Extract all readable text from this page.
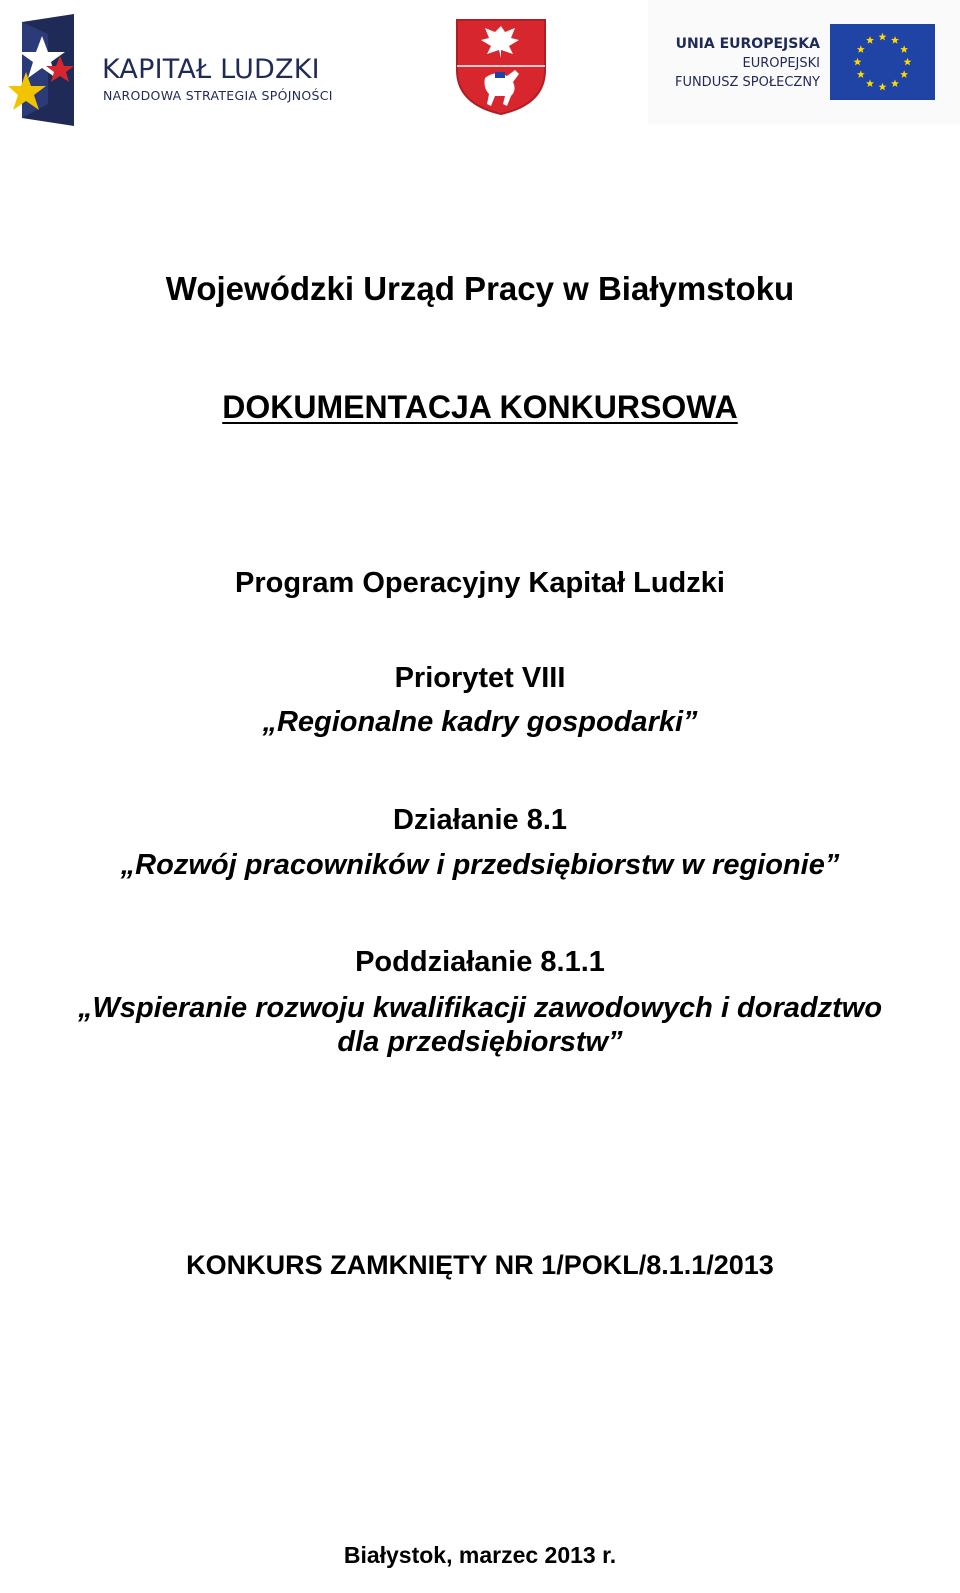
KAPITAŁ LUDZKI
NARODOWA STRATEGIA SPÓJNOŚCI
UNIA EUROPEJSKA
EUROPEJSKI
FUNDUSZ SPOŁECZNY
Wojewódzki Urząd Pracy w Białymstoku
DOKUMENTACJA KONKURSOWA
Program Operacyjny Kapitał Ludzki
Priorytet VIII
„Regionalne kadry gospodarki”
Działanie 8.1
„Rozwój pracowników i przedsiębiorstw w regionie”
Poddziałanie 8.1.1
„Wspieranie rozwoju kwalifikacji zawodowych i doradztwo
dla przedsiębiorstw”
KONKURS ZAMKNIĘTY NR 1/POKL/8.1.1/2013
Białystok, marzec 2013 r.
